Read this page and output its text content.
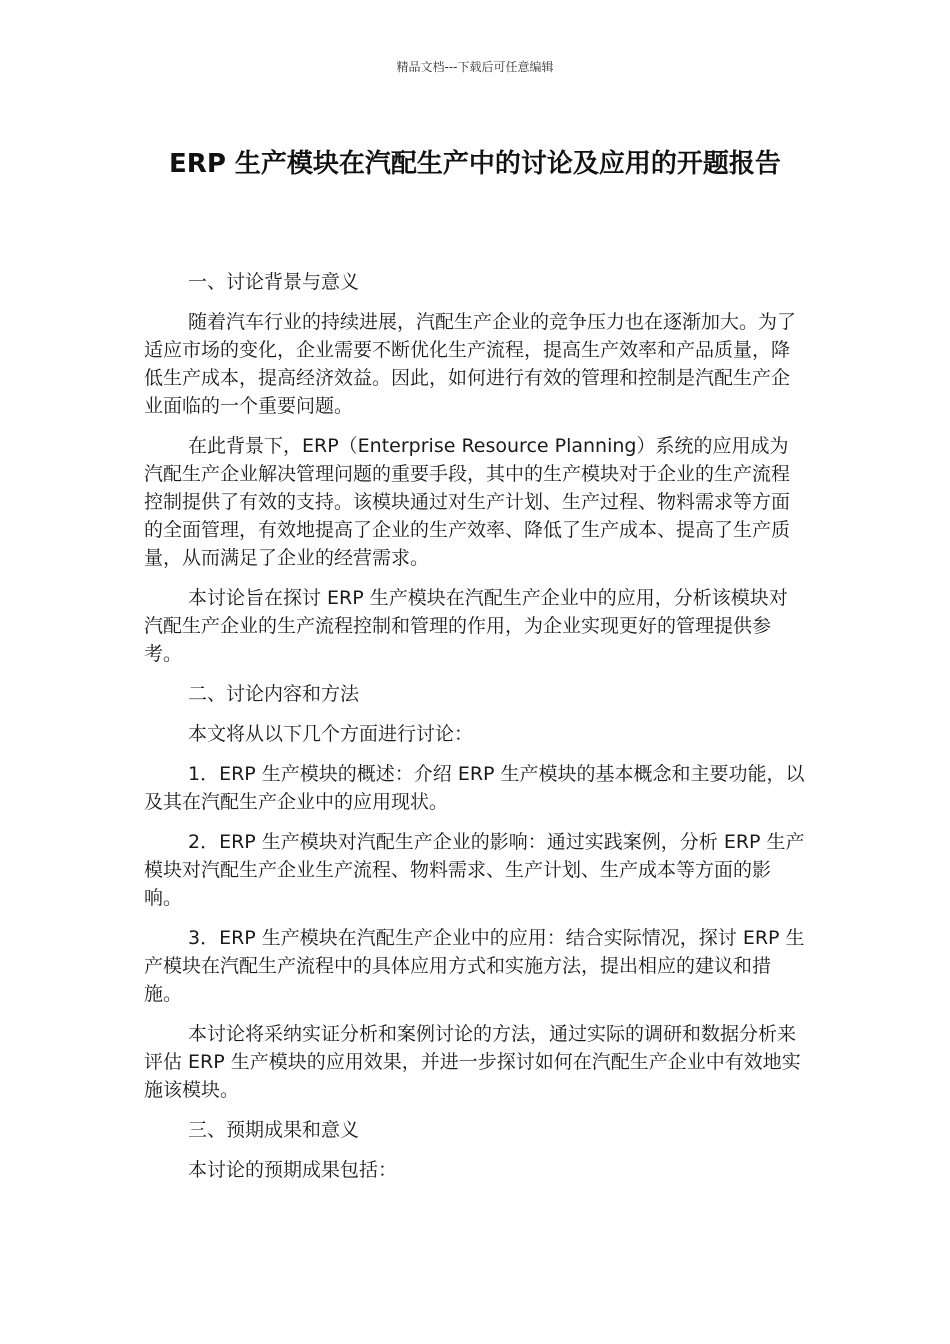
精品文档---下载后可任意编辑
ERP 生产模块在汽配生产中的讨论及应用的开题报告

一、讨论背景与意义

随着汽车行业的持续进展，汽配生产企业的竞争压力也在逐渐加大。为了适应市场的变化，企业需要不断优化生产流程，提高生产效率和产品质量，降低生产成本，提高经济效益。因此，如何进行有效的管理和控制是汽配生产企业面临的一个重要问题。

在此背景下，ERP（Enterprise Resource Planning）系统的应用成为汽配生产企业解决管理问题的重要手段，其中的生产模块对于企业的生产流程控制提供了有效的支持。该模块通过对生产计划、生产过程、物料需求等方面的全面管理，有效地提高了企业的生产效率、降低了生产成本、提高了生产质量，从而满足了企业的经营需求。

本讨论旨在探讨 ERP 生产模块在汽配生产企业中的应用，分析该模块对汽配生产企业的生产流程控制和管理的作用，为企业实现更好的管理提供参考。

二、讨论内容和方法

本文将从以下几个方面进行讨论：

1．ERP 生产模块的概述：介绍 ERP 生产模块的基本概念和主要功能，以及其在汽配生产企业中的应用现状。

2．ERP 生产模块对汽配生产企业的影响：通过实践案例，分析 ERP 生产模块对汽配生产企业生产流程、物料需求、生产计划、生产成本等方面的影响。

3．ERP 生产模块在汽配生产企业中的应用：结合实际情况，探讨 ERP 生产模块在汽配生产流程中的具体应用方式和实施方法，提出相应的建议和措施。

本讨论将采纳实证分析和案例讨论的方法，通过实际的调研和数据分析来评估 ERP 生产模块的应用效果，并进一步探讨如何在汽配生产企业中有效地实施该模块。

三、预期成果和意义

本讨论的预期成果包括：
